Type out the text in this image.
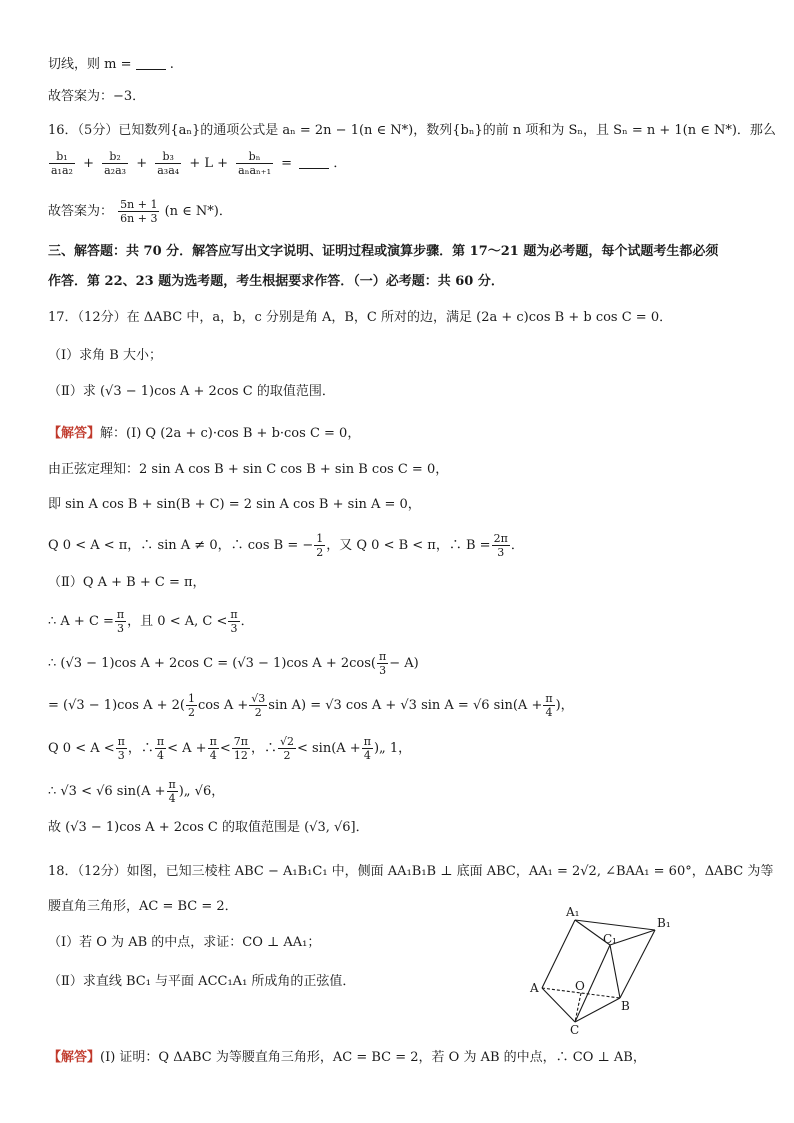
切线，则 m =	.
故答案为：−3．
16．（5分）已知数列{aₙ}的通项公式是 aₙ = 2n − 1(n ∈ N*)，数列{bₙ}的前 n 项和为 Sₙ，且 Sₙ = n + 1(n ∈ N*)．那么
$\frac{\text{b₁}}{\text{a₁a₂}} + \frac{\text{b₂}}{\text{a₂a₃}} + \frac{\text{b₃}}{\text{a₃a₄}} + L + \frac{\text{bₙ}}{\text{aₙaₙ₊₁}}$ =	．
故答案为： $\frac{5n + 1}{6n + 3} (n$ ∈ N*)．
三、解答题：共 70 分．解答应写出文字说明、证明过程或演算步骤．第 17～21 题为必考题，每个试题考生都必须
作答．第 22、23 题为选考题，考生根据要求作答．（一）必考题：共 60 分．
17．（12分）在 ΔABC 中，a，b，c 分别是角 A，B，C 所对的边，满足 (2a + c)cos B + b cos C = 0．
（Ⅰ）求角 B 大小；
（Ⅱ）求 (√3 − 1)cos A + 2cos C 的取值范围．
【解答】解：(Ⅰ) Q (2a + c)·cos B + b·cos C = 0，
由正弦定理知：2 sin A cos B + sin C cos B + sin B cos C = 0，
即 sin A cos B + sin(B + C) = 2 sin A cos B + sin A = 0，
Q 0 < A < π，∴ sin A ≠ 0，∴ cos B = − $\frac{1}{2}$ ，又 Q 0 < B < π，∴ $B = \frac{2\pi}{3}$ ．
（Ⅱ）Q A + B + C = π，
∴ $A + C = \frac{\pi}{3}$ ，且 0 < A, $C < \frac{\pi}{3}$ ．
∴ (√3 − 1)cos A + 2cos C = (√3 − 1)cos $A + 2\cos( \frac{\pi}{3} - A)$
= (√3 − 1)cos $A + 2( \frac{1}{2}$ $\cos A + \frac{√3}{2}$ sin A) = √3 cos A + √3 sin A = √6 $\sin(A + \frac{\pi}{4}$ )，
Q $0 < A < \frac{\pi}{3}$ ，∴ $\frac{\pi}{4} < A + \frac{\pi}{4} < \frac{7\pi}{12}$ ，∴ $\frac{√2}{2} < \sin(A + \frac{\pi}{4}$ )„ 1，
∴ √3 < √6 $\sin(A + \frac{\pi}{4}$ )„ √6，
故 (√3 − 1)cos A + 2cos C 的取值范围是 (√3, √6]．
18．（12分）如图，已知三棱柱 ABC − A₁B₁C₁ 中，侧面 AA₁B₁B ⊥ 底面 ABC，AA₁ = 2√2, ∠BAA₁ = 60°，ΔABC 为等
腰直角三角形，AC = BC = 2．
（Ⅰ）若 O 为 AB 的中点，求证：CO ⊥ AA₁；
（Ⅱ）求直线 BC₁ 与平面 ACC₁A₁ 所成角的正弦值．
【解答】(Ⅰ) 证明：Q ΔABC 为等腰直角三角形，AC = BC = 2，若 O 为 AB 的中点，∴ CO ⊥ AB，
A₁
B₁
C₁
A	O
B
C
